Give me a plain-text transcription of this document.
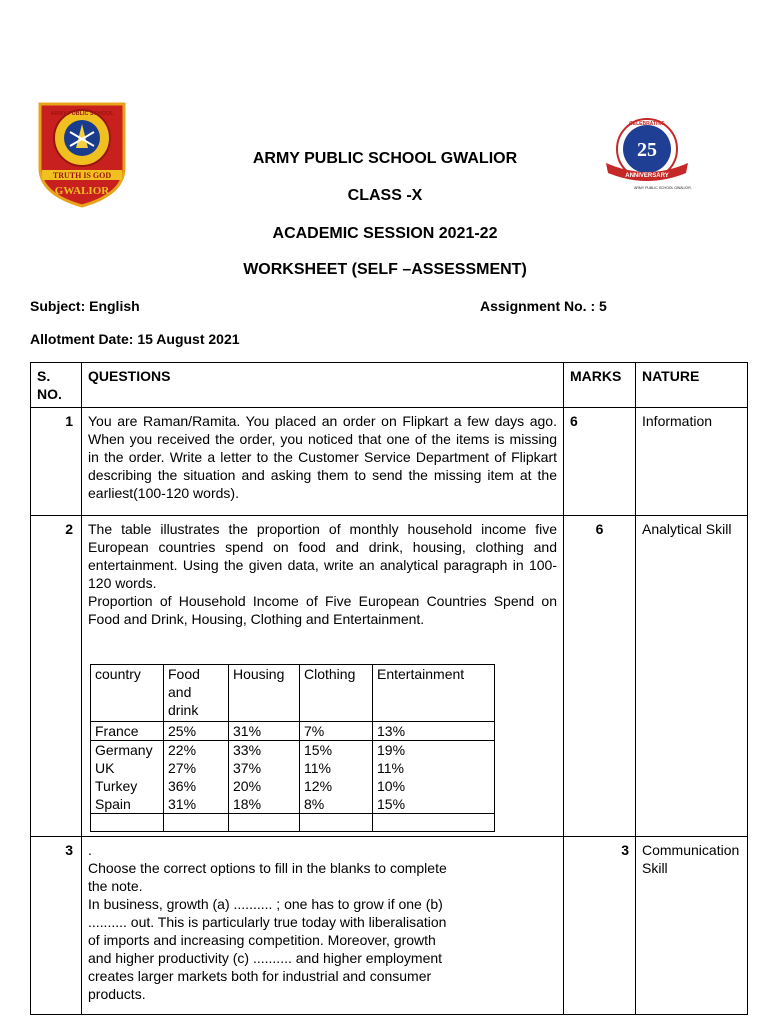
ARMY PUBLIC SCHOOL
TRUTH IS GOD
GWALIOR
CELEBRATING
25
ANNIVERSARY
ARMY PUBLIC SCHOOL GWALIOR, MP
ARMY PUBLIC SCHOOL GWALIOR
CLASS -X
ACADEMIC SESSION 2021-22
WORKSHEET (SELF –ASSESSMENT)
Subject: English	Assignment No. : 5
Allotment Date: 15 August 2021
S. NO.	QUESTIONS	MARKS	NATURE
1	You are Raman/Ramita. You placed an order on Flipkart a few days ago. When you received the order, you noticed that one of the items is missing in the order. Write a letter to the Customer Service Department of Flipkart describing the situation and asking them to send the missing item at the earliest(100-120 words).	6	Information
2	The table illustrates the proportion of monthly household income five European countries spend on food and drink, housing, clothing and entertainment. Using the given data, write an analytical paragraph in 100-120 words.
Proportion of Household Income of Five European Countries Spend on Food and Drink, Housing, Clothing and Entertainment.
country	Food and drink	Housing	Clothing	Entertainment
France	25%	31%	7%	13%
Germany	22%	33%	15%	19%
UK	27%	37%	11%	11%
Turkey	36%	20%	12%	10%
Spain	31%	18%	8%	15%

	6	Analytical Skill
3	.
Choose the correct options to fill in the blanks to complete the note.
In business, growth (a) .......... ; one has to grow if one (b) .......... out. This is particularly true today with liberalisation of imports and increasing competition. Moreover, growth and higher productivity (c) .......... and higher employment creates larger markets both for industrial and consumer products.
	3	Communication Skill
